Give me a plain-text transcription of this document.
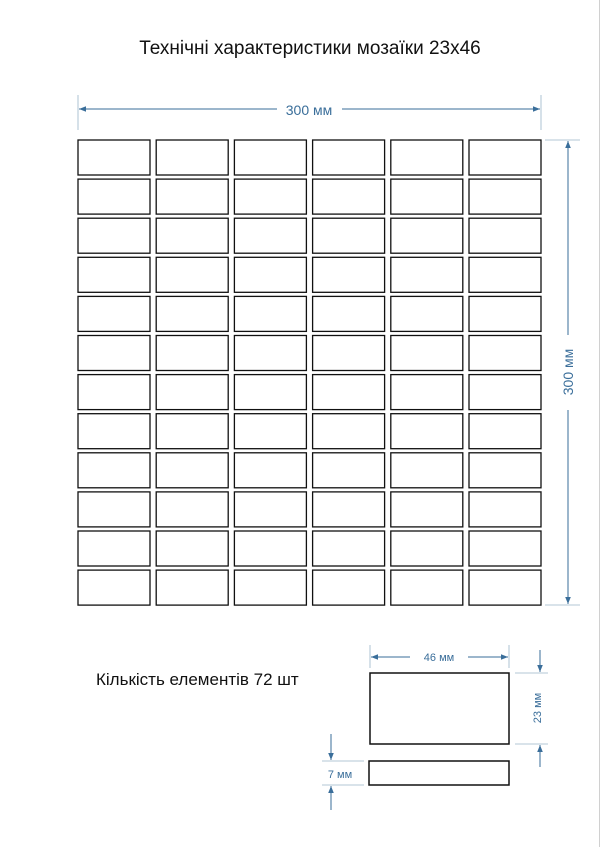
Технічні характеристики мозаїки 23х46
300 мм
300 мм
46 мм
23 мм
7 мм
Кількість елементів 72 шт
